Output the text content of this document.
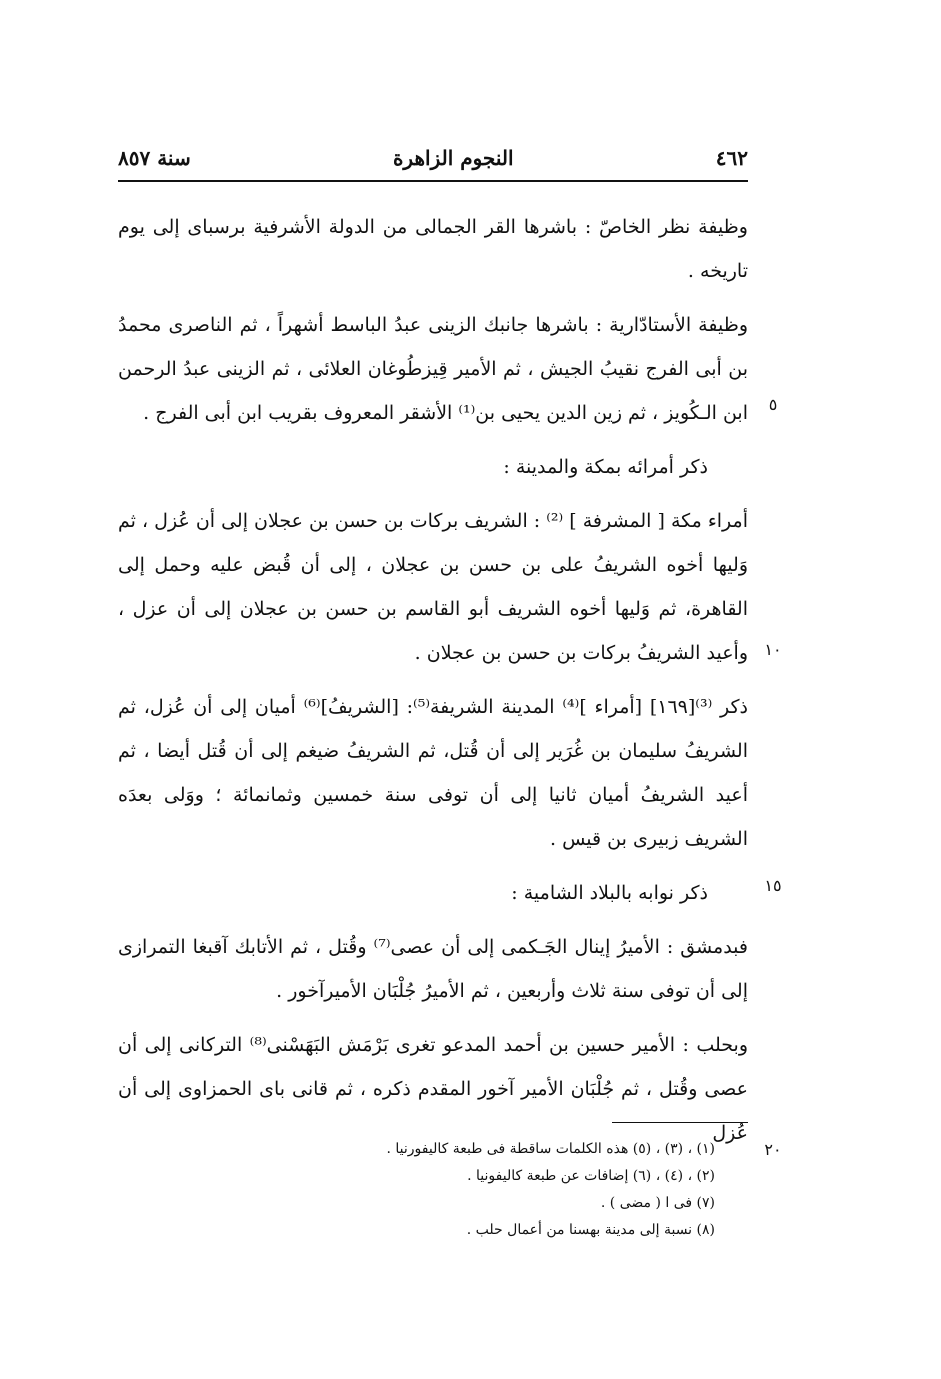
٤٦٢
النجوم الزاهرة
سنة ٨٥٧

وظيفة نظر الخاصّ : باشرها القر الجمالى من الدولة الأشرفية برسباى إلى يوم تاريخه .

وظيفة الأستادّارية : باشرها جانبك الزينى عبدُ الباسط أشهراً ، ثم الناصرى محمدُ بن أبى الفرج نقيبُ الجيش ، ثم الأمير قِيزطُوغان العلائى ، ثم الزينى عبدُ الرحمن ابن الـكُويز ، ثم زين الدين يحيى بن⁽¹⁾ الأشقر المعروف بقريب ابن أبى الفرج .

ذكر أمرائه بمكة والمدينة :

أمراء مكة [ المشرفة ] ⁽²⁾ : الشريف بركات بن حسن بن عجلان إلى أن عُزل ، ثم وَليها أخوه الشريفُ على بن حسن بن عجلان ، إلى أن قُبض عليه وحمل إلى القاهرة، ثم وَليها أخوه الشريف أبو القاسم بن حسن بن عجلان إلى أن عزل ، وأعيد الشريفُ بركات بن حسن بن عجلان .

ذكر ⁽³⁾[١٦٩] [أمراء ]⁽⁴⁾ المدينة الشريفة⁽⁵⁾: [الشريفُ]⁽⁶⁾ أميان إلى أن عُزل، ثم الشريفُ سليمان بن غُرَير إلى أن قُتل، ثم الشريفُ ضيغم إلى أن قُتل أيضا ، ثم أعيد الشريفُ أميان ثانيا إلى أن توفى سنة خمسين وثمانمائة ؛ ووَلى بعدَه الشريف زبيرى بن قيس .

ذكر نوابه بالبلاد الشامية :

فبدمشق : الأميرُ إينال الجَـكمى إلى أن عصى⁽⁷⁾ وقُتل ، ثم الأتابك آقبغا التمرازى إلى أن توفى سنة ثلاث وأربعين ، ثم الأميرُ جُلْبَان الأميرآخور .

وبحلب : الأمير حسين بن أحمد المدعو تغرى بَرْمَش البَهَسْنى⁽⁸⁾ التركانى إلى أن عصى وقُتل ، ثم جُلْبَان الأمير آخور المقدم ذكره ، ثم قانى باى الحمزاوى إلى أن عُزل

٥
١٠
١٥
٢٠
(١) ، (٣) ، (٥) هذه الكلمات ساقطة فى طبعة كاليفورنيا .
(٢) ، (٤) ، (٦) إضافات عن طبعة كاليفونيا .
(٧) فى ا ( مضى ) .
(٨) نسبة إلى مدينة بهسنا من أعمال حلب .
